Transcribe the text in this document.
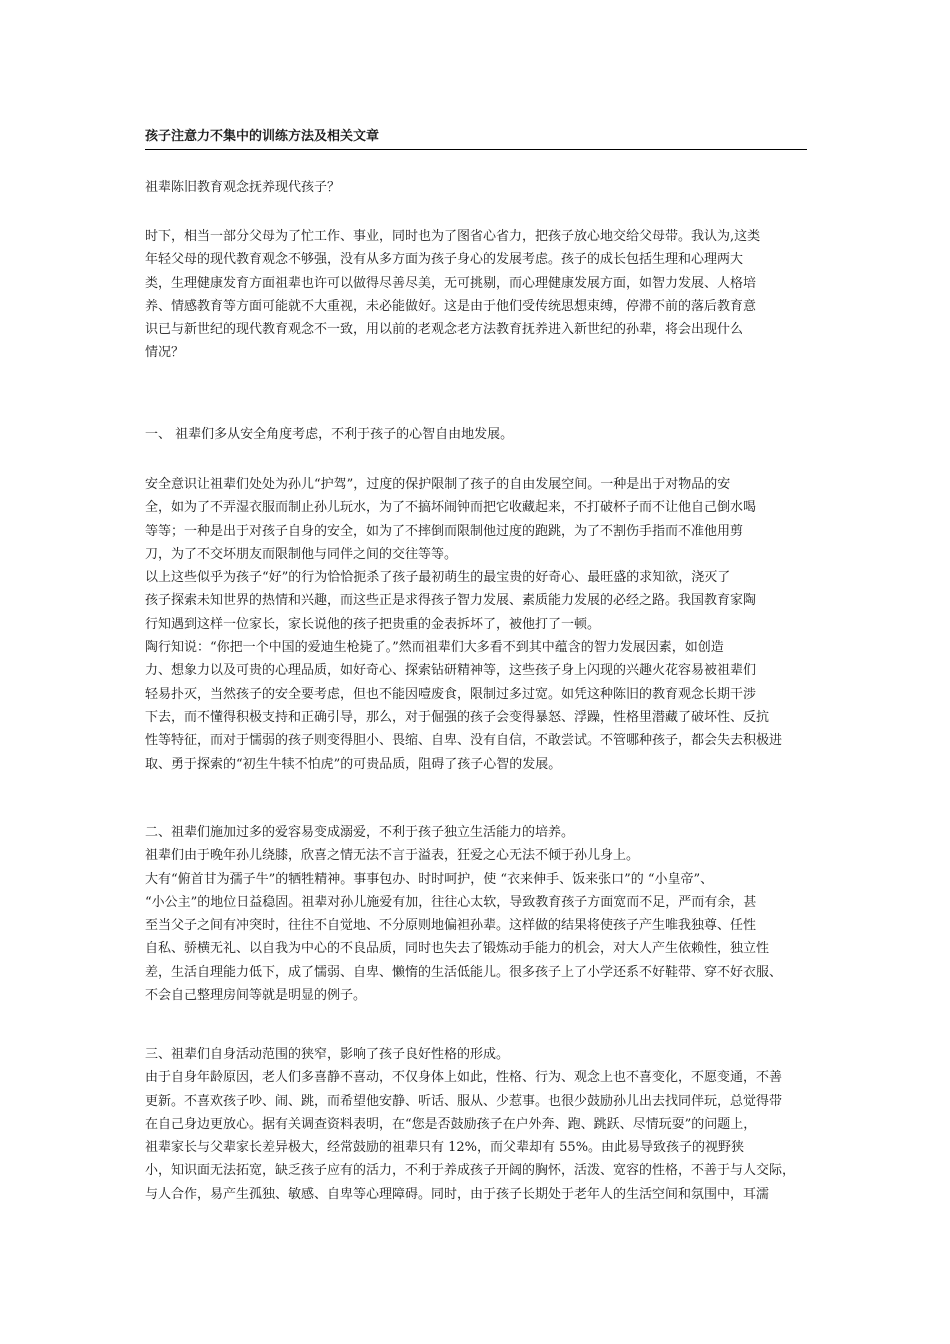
孩子注意力不集中的训练方法及相关文章

祖辈陈旧教育观念抚养现代孩子？

时下，相当一部分父母为了忙工作、事业，同时也为了图省心省力，把孩子放心地交给父母带。我认为,这类
年轻父母的现代教育观念不够强，没有从多方面为孩子身心的发展考虑。孩子的成长包括生理和心理两大
类，生理健康发育方面祖辈也许可以做得尽善尽美，无可挑剔，而心理健康发展方面，如智力发展、人格培
养、情感教育等方面可能就不大重视，未必能做好。这是由于他们受传统思想束缚，停滞不前的落后教育意
识已与新世纪的现代教育观念不一致，用以前的老观念老方法教育抚养进入新世纪的孙辈，将会出现什么
情况？

一、 祖辈们多从安全角度考虑，不利于孩子的心智自由地发展。

安全意识让祖辈们处处为孙儿“护驾”，过度的保护限制了孩子的自由发展空间。一种是出于对物品的安
全，如为了不弄湿衣服而制止孙儿玩水，为了不搞坏闹钟而把它收藏起来，不打破杯子而不让他自己倒水喝
等等；一种是出于对孩子自身的安全，如为了不摔倒而限制他过度的跑跳，为了不割伤手指而不准他用剪
刀，为了不交坏朋友而限制他与同伴之间的交往等等。
以上这些似乎为孩子“好”的行为恰恰扼杀了孩子最初萌生的最宝贵的好奇心、最旺盛的求知欲，浇灭了
孩子探索未知世界的热情和兴趣，而这些正是求得孩子智力发展、素质能力发展的必经之路。我国教育家陶
行知遇到这样一位家长，家长说他的孩子把贵重的金表拆坏了，被他打了一顿。
陶行知说：“你把一个中国的爱迪生枪毙了。”然而祖辈们大多看不到其中蕴含的智力发展因素，如创造
力、想象力以及可贵的心理品质，如好奇心、探索钻研精神等，这些孩子身上闪现的兴趣火花容易被祖辈们
轻易扑灭，当然孩子的安全要考虑，但也不能因噎废食，限制过多过宽。如凭这种陈旧的教育观念长期干涉
下去，而不懂得积极支持和正确引导，那么，对于倔强的孩子会变得暴怒、浮躁，性格里潜藏了破坏性、反抗
性等特征，而对于懦弱的孩子则变得胆小、畏缩、自卑、没有自信，不敢尝试。不管哪种孩子，都会失去积极进
取、勇于探索的“初生牛犊不怕虎”的可贵品质，阻碍了孩子心智的发展。

二、祖辈们施加过多的爱容易变成溺爱，不利于孩子独立生活能力的培养。
祖辈们由于晚年孙儿绕膝，欣喜之情无法不言于溢表，狂爱之心无法不倾于孙儿身上。
大有“俯首甘为孺子牛”的牺牲精神。事事包办、时时呵护，使 “衣来伸手、饭来张口”的 “小皇帝”、
“小公主”的地位日益稳固。祖辈对孙儿施爱有加，往往心太软，导致教育孩子方面宽而不足，严而有余，甚
至当父子之间有冲突时，往往不自觉地、不分原则地偏袒孙辈。这样做的结果将使孩子产生唯我独尊、任性
自私、骄横无礼、以自我为中心的不良品质，同时也失去了锻炼动手能力的机会，对大人产生依赖性，独立性
差，生活自理能力低下，成了懦弱、自卑、懒惰的生活低能儿。很多孩子上了小学还系不好鞋带、穿不好衣服、
不会自己整理房间等就是明显的例子。

三、祖辈们自身活动范围的狭窄，影响了孩子良好性格的形成。
由于自身年龄原因，老人们多喜静不喜动，不仅身体上如此，性格、行为、观念上也不喜变化，不愿变通，不善
更新。不喜欢孩子吵、闹、跳，而希望他安静、听话、服从、少惹事。也很少鼓励孙儿出去找同伴玩，总觉得带
在自己身边更放心。据有关调查资料表明，在“您是否鼓励孩子在户外奔、跑、跳跃、尽情玩耍”的问题上，
祖辈家长与父辈家长差异极大，经常鼓励的祖辈只有 12%，而父辈却有 55%。由此易导致孩子的视野狭
小，知识面无法拓宽，缺乏孩子应有的活力，不利于养成孩子开阔的胸怀，活泼、宽容的性格，不善于与人交际，
与人合作，易产生孤独、敏感、自卑等心理障碍。同时，由于孩子长期处于老年人的生活空间和氛围中，耳濡
